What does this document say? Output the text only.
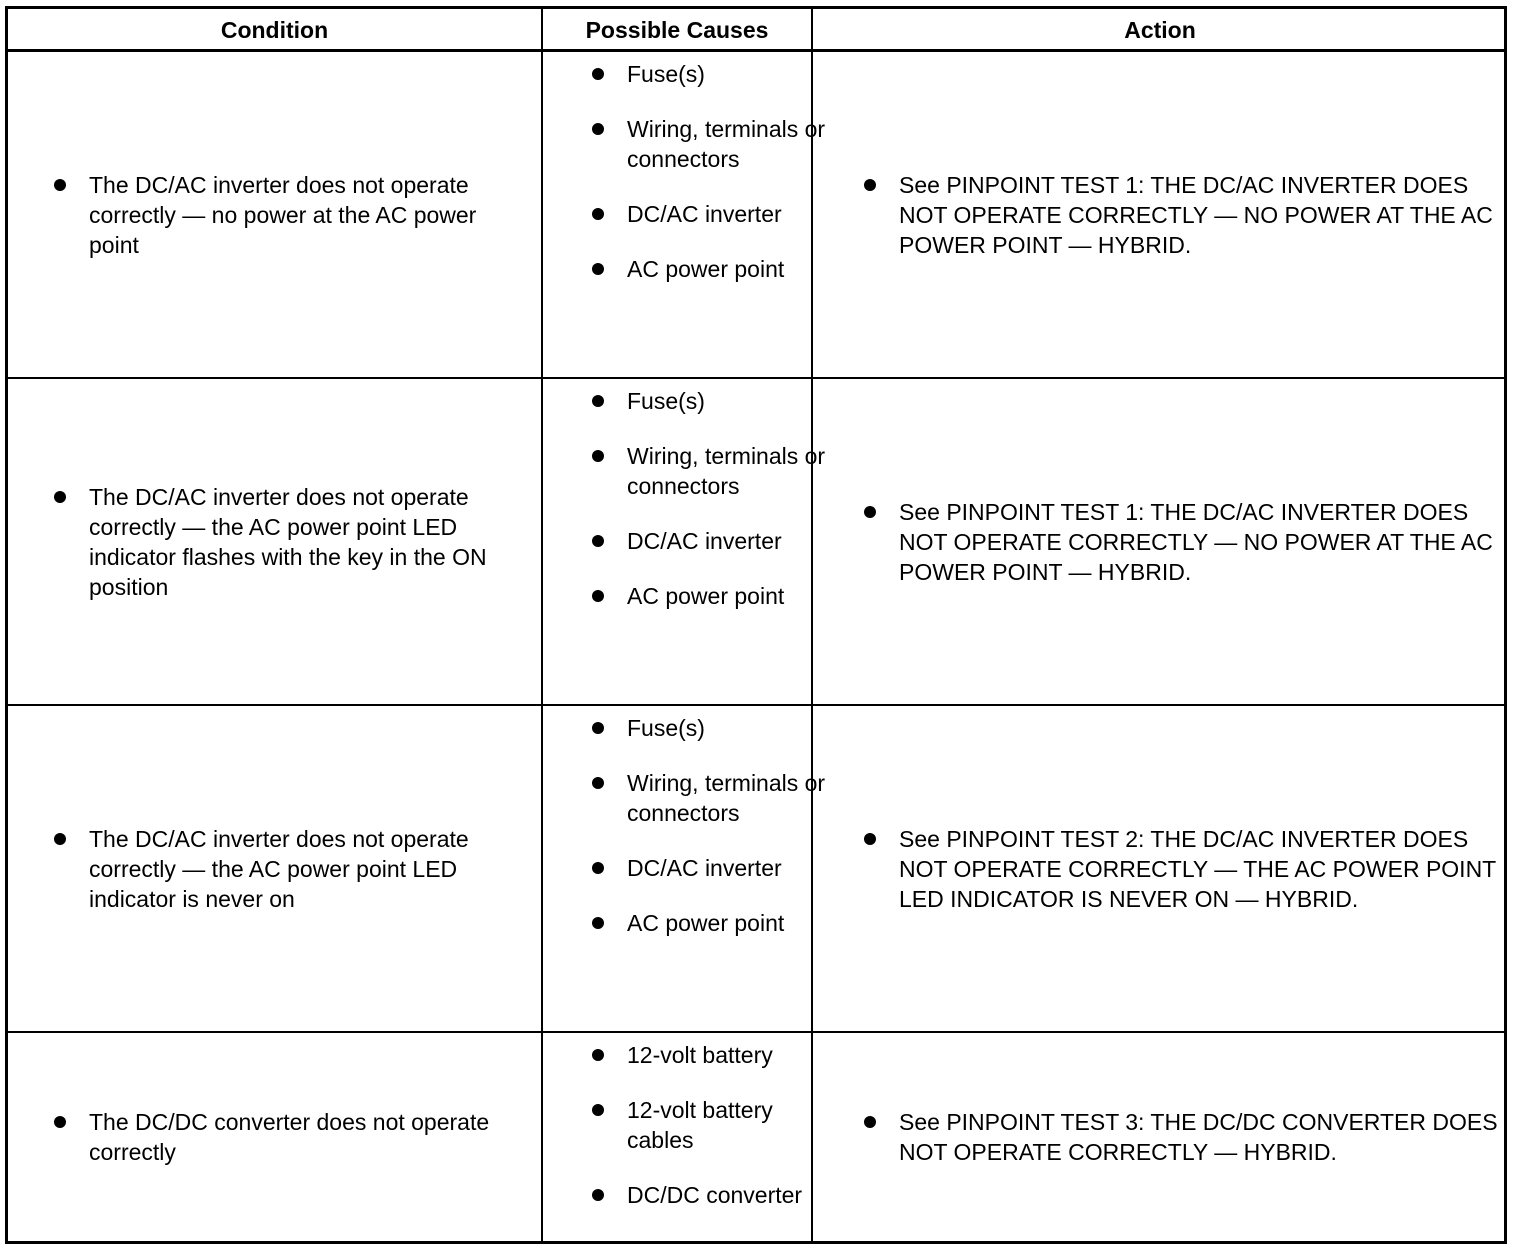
Condition	Possible Causes	Action
The DC/AC inverter does not operate correctly — no power at the AC power point
Fuse(s)
Wiring, terminals or connectors
DC/AC inverter
AC power point
See PINPOINT TEST 1: THE DC/AC INVERTER DOES NOT OPERATE CORRECTLY — NO POWER AT THE AC POWER POINT — HYBRID.
The DC/AC inverter does not operate correctly — the AC power point LED indicator flashes with the key in the ON position
Fuse(s)
Wiring, terminals or connectors
DC/AC inverter
AC power point
See PINPOINT TEST 1: THE DC/AC INVERTER DOES NOT OPERATE CORRECTLY — NO POWER AT THE AC POWER POINT — HYBRID.
The DC/AC inverter does not operate correctly — the AC power point LED indicator is never on
Fuse(s)
Wiring, terminals or connectors
DC/AC inverter
AC power point
See PINPOINT TEST 2: THE DC/AC INVERTER DOES NOT OPERATE CORRECTLY — THE AC POWER POINT LED INDICATOR IS NEVER ON — HYBRID.
The DC/DC converter does not operate correctly
12-volt battery
12-volt battery cables
DC/DC converter
See PINPOINT TEST 3: THE DC/DC CONVERTER DOES NOT OPERATE CORRECTLY — HYBRID.
